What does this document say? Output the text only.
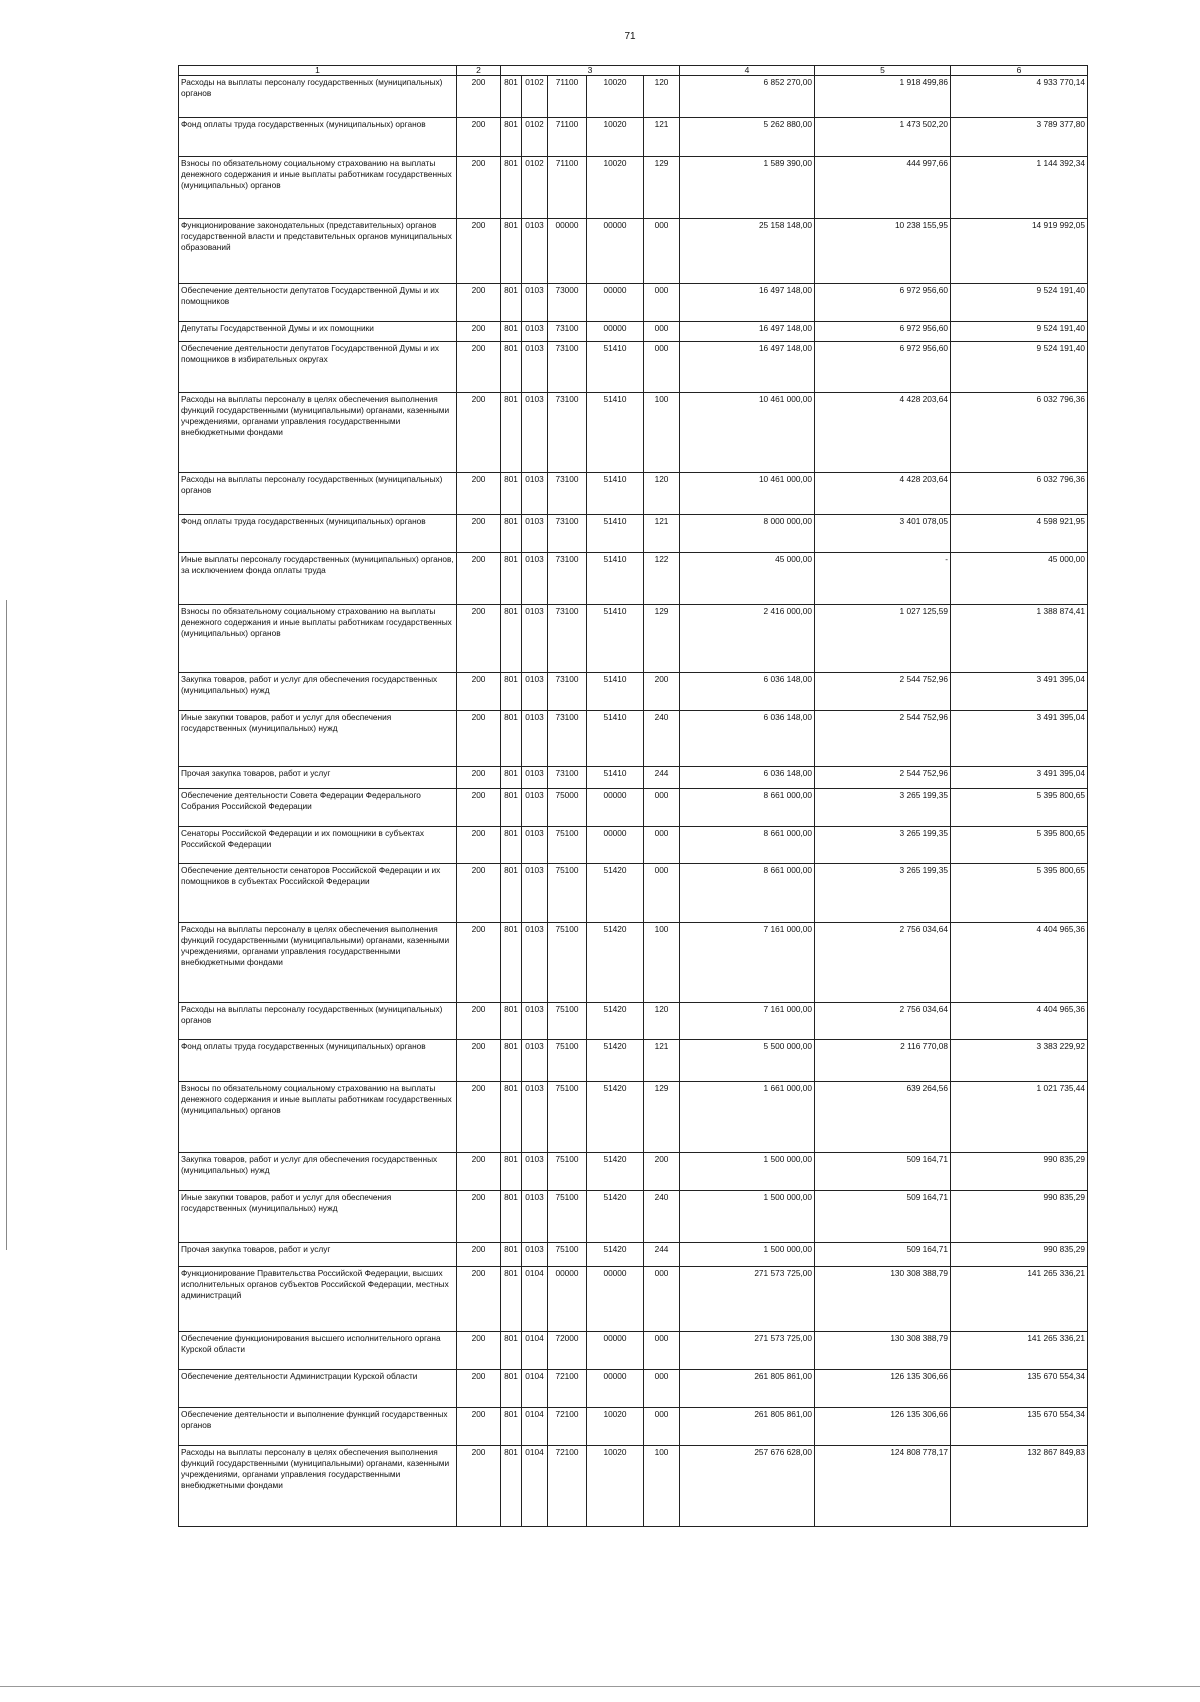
71
1	2	3					4	5	6
Расходы на выплаты персоналу государственных (муниципальных) органов	200	801	0102	71100	10020	120	6 852 270,00	1 918 499,86	4 933 770,14
Фонд оплаты труда государственных (муниципальных) органов	200	801	0102	71100	10020	121	5 262 880,00	1 473 502,20	3 789 377,80
Взносы по обязательному социальному страхованию на выплаты денежного содержания и иные выплаты работникам государственных (муниципальных) органов	200	801	0102	71100	10020	129	1 589 390,00	444 997,66	1 144 392,34
Функционирование законодательных (представительных) органов государственной власти и представительных органов муниципальных образований	200	801	0103	00000	00000	000	25 158 148,00	10 238 155,95	14 919 992,05
Обеспечение деятельности депутатов Государственной Думы и их помощников	200	801	0103	73000	00000	000	16 497 148,00	6 972 956,60	9 524 191,40
Депутаты Государственной Думы и их помощники	200	801	0103	73100	00000	000	16 497 148,00	6 972 956,60	9 524 191,40
Обеспечение деятельности депутатов Государственной Думы и их помощников в избирательных округах	200	801	0103	73100	51410	000	16 497 148,00	6 972 956,60	9 524 191,40
Расходы на выплаты персоналу в целях обеспечения выполнения функций государственными (муниципальными) органами, казенными учреждениями, органами управления государственными внебюджетными фондами	200	801	0103	73100	51410	100	10 461 000,00	4 428 203,64	6 032 796,36
Расходы на выплаты персоналу государственных (муниципальных) органов	200	801	0103	73100	51410	120	10 461 000,00	4 428 203,64	6 032 796,36
Фонд оплаты труда государственных (муниципальных) органов	200	801	0103	73100	51410	121	8 000 000,00	3 401 078,05	4 598 921,95
Иные выплаты персоналу государственных (муниципальных) органов, за исключением фонда оплаты труда	200	801	0103	73100	51410	122	45 000,00	-	45 000,00
Взносы по обязательному социальному страхованию на выплаты денежного содержания и иные выплаты работникам государственных (муниципальных) органов	200	801	0103	73100	51410	129	2 416 000,00	1 027 125,59	1 388 874,41
Закупка товаров, работ и услуг для обеспечения государственных (муниципальных) нужд	200	801	0103	73100	51410	200	6 036 148,00	2 544 752,96	3 491 395,04
Иные закупки товаров, работ и услуг для обеспечения государственных (муниципальных) нужд	200	801	0103	73100	51410	240	6 036 148,00	2 544 752,96	3 491 395,04
Прочая закупка товаров, работ и услуг	200	801	0103	73100	51410	244	6 036 148,00	2 544 752,96	3 491 395,04
Обеспечение деятельности Совета Федерации Федерального Собрания Российской Федерации	200	801	0103	75000	00000	000	8 661 000,00	3 265 199,35	5 395 800,65
Сенаторы Российской Федерации и их помощники в субъектах Российской Федерации	200	801	0103	75100	00000	000	8 661 000,00	3 265 199,35	5 395 800,65
Обеспечение деятельности сенаторов Российской Федерации и их помощников в субъектах Российской Федерации	200	801	0103	75100	51420	000	8 661 000,00	3 265 199,35	5 395 800,65
Расходы на выплаты персоналу в целях обеспечения выполнения функций государственными (муниципальными) органами, казенными учреждениями, органами управления государственными внебюджетными фондами	200	801	0103	75100	51420	100	7 161 000,00	2 756 034,64	4 404 965,36
Расходы на выплаты персоналу государственных (муниципальных) органов	200	801	0103	75100	51420	120	7 161 000,00	2 756 034,64	4 404 965,36
Фонд оплаты труда государственных (муниципальных) органов	200	801	0103	75100	51420	121	5 500 000,00	2 116 770,08	3 383 229,92
Взносы по обязательному социальному страхованию на выплаты денежного содержания и иные выплаты работникам государственных (муниципальных) органов	200	801	0103	75100	51420	129	1 661 000,00	639 264,56	1 021 735,44
Закупка товаров, работ и услуг для обеспечения государственных (муниципальных) нужд	200	801	0103	75100	51420	200	1 500 000,00	509 164,71	990 835,29
Иные закупки товаров, работ и услуг для обеспечения государственных (муниципальных) нужд	200	801	0103	75100	51420	240	1 500 000,00	509 164,71	990 835,29
Прочая закупка товаров, работ и услуг	200	801	0103	75100	51420	244	1 500 000,00	509 164,71	990 835,29
Функционирование Правительства Российской Федерации, высших исполнительных органов субъектов Российской Федерации, местных администраций	200	801	0104	00000	00000	000	271 573 725,00	130 308 388,79	141 265 336,21
Обеспечение функционирования высшего исполнительного органа Курской области	200	801	0104	72000	00000	000	271 573 725,00	130 308 388,79	141 265 336,21
Обеспечение деятельности Администрации Курской области	200	801	0104	72100	00000	000	261 805 861,00	126 135 306,66	135 670 554,34
Обеспечение деятельности и выполнение функций государственных органов	200	801	0104	72100	10020	000	261 805 861,00	126 135 306,66	135 670 554,34
Расходы на выплаты персоналу в целях обеспечения выполнения функций государственными (муниципальными) органами, казенными учреждениями, органами управления государственными внебюджетными фондами	200	801	0104	72100	10020	100	257 676 628,00	124 808 778,17	132 867 849,83
